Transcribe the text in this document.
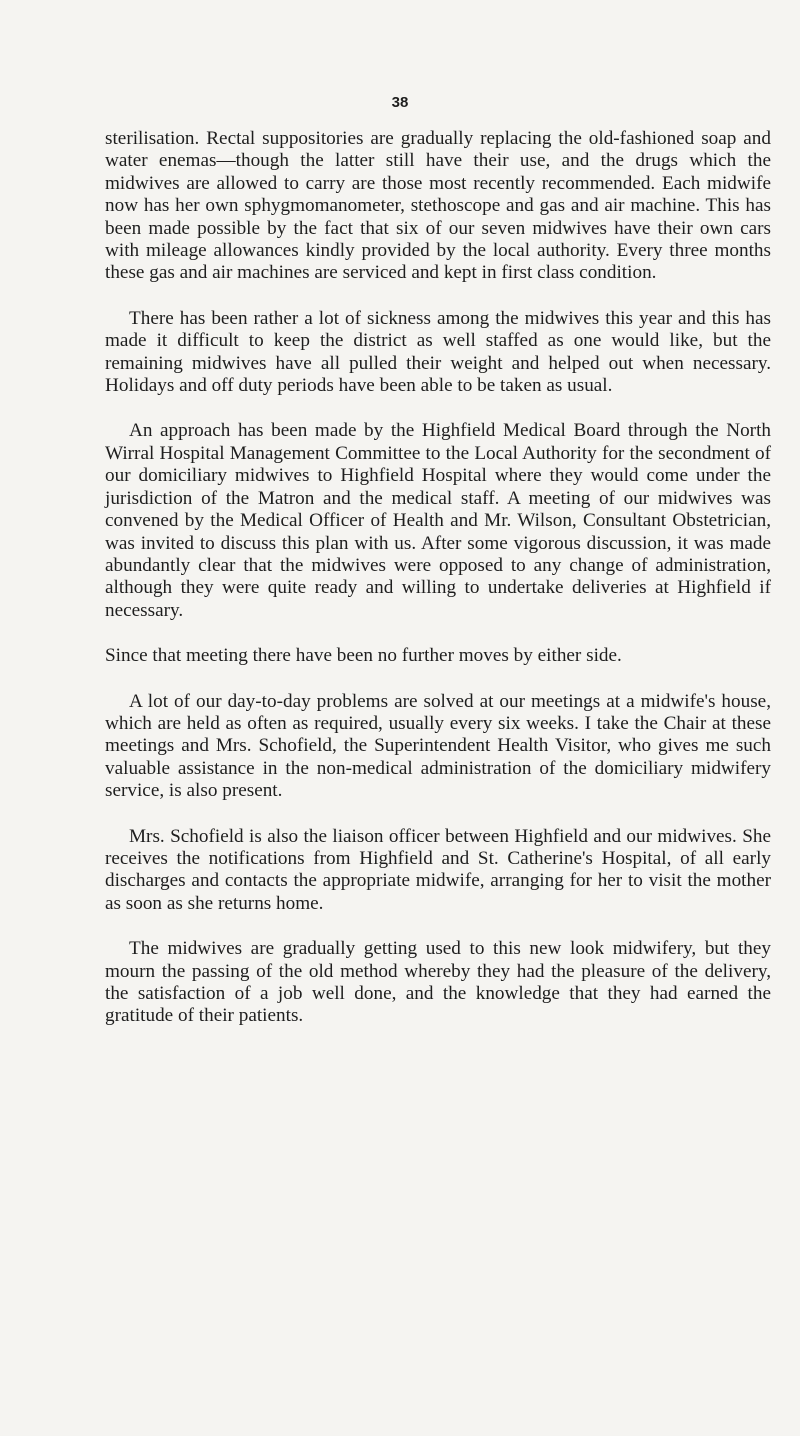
38

sterilisation. Rectal suppositories are gradually replacing the old-fashioned soap and water enemas—though the latter still have their use, and the drugs which the midwives are allowed to carry are those most recently recommended. Each midwife now has her own sphygmomanometer, stethoscope and gas and air machine. This has been made possible by the fact that six of our seven midwives have their own cars with mileage allowances kindly provided by the local authority. Every three months these gas and air machines are serviced and kept in first class condition.

There has been rather a lot of sickness among the midwives this year and this has made it difficult to keep the district as well staffed as one would like, but the remaining midwives have all pulled their weight and helped out when necessary. Holidays and off duty periods have been able to be taken as usual.

An approach has been made by the Highfield Medical Board through the North Wirral Hospital Management Committee to the Local Authority for the secondment of our domiciliary midwives to Highfield Hospital where they would come under the jurisdiction of the Matron and the medical staff. A meeting of our midwives was convened by the Medical Officer of Health and Mr. Wilson, Consultant Obstetrician, was invited to discuss this plan with us. After some vigorous discussion, it was made abundantly clear that the midwives were opposed to any change of administration, although they were quite ready and willing to undertake deliveries at Highfield if necessary.

Since that meeting there have been no further moves by either side.

A lot of our day-to-day problems are solved at our meetings at a midwife's house, which are held as often as required, usually every six weeks. I take the Chair at these meetings and Mrs. Schofield, the Superintendent Health Visitor, who gives me such valuable assistance in the non-medical administration of the domiciliary midwifery service, is also present.

Mrs. Schofield is also the liaison officer between Highfield and our midwives. She receives the notifications from Highfield and St. Catherine's Hospital, of all early discharges and contacts the appropriate midwife, arranging for her to visit the mother as soon as she returns home.

The midwives are gradually getting used to this new look midwifery, but they mourn the passing of the old method whereby they had the pleasure of the delivery, the satisfaction of a job well done, and the knowledge that they had earned the gratitude of their patients.
